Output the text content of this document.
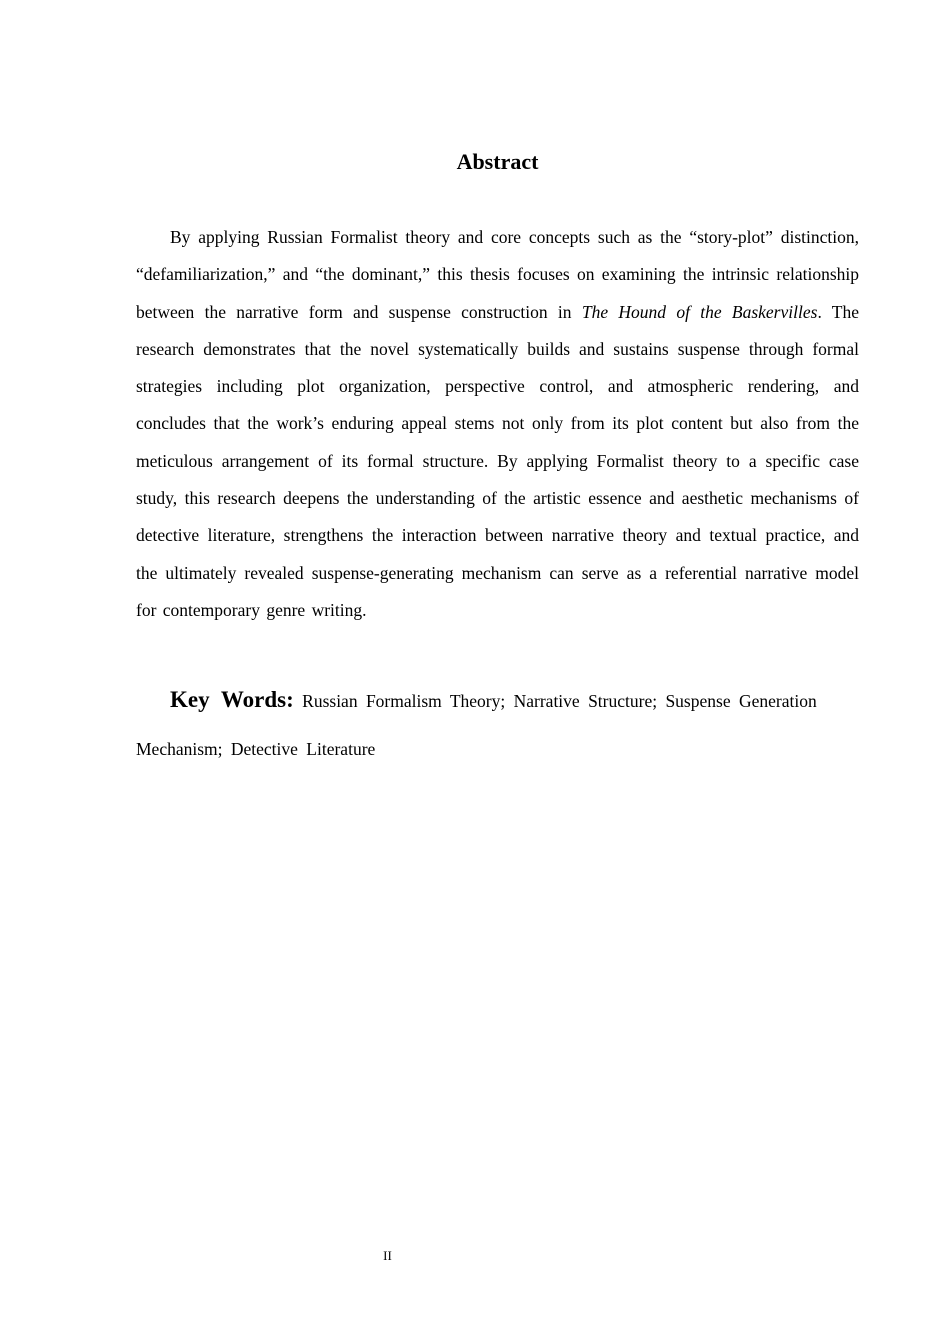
Abstract

By applying Russian Formalist theory and core concepts such as the “story-plot” distinction, “defamiliarization,” and “the dominant,” this thesis focuses on examining the intrinsic relationship between the narrative form and suspense construction in The Hound of the Baskervilles. The research demonstrates that the novel systematically builds and sustains suspense through formal strategies including plot organization, perspective control, and atmospheric rendering, and concludes that the work’s enduring appeal stems not only from its plot content but also from the meticulous arrangement of its formal structure. By applying Formalist theory to a specific case study, this research deepens the understanding of the artistic essence and aesthetic mechanisms of detective literature, strengthens the interaction between narrative theory and textual practice, and the ultimately revealed suspense-generating mechanism can serve as a referential narrative model for contemporary genre writing.

Key Words: Russian Formalism Theory; Narrative Structure; Suspense Generation Mechanism; Detective Literature

II
